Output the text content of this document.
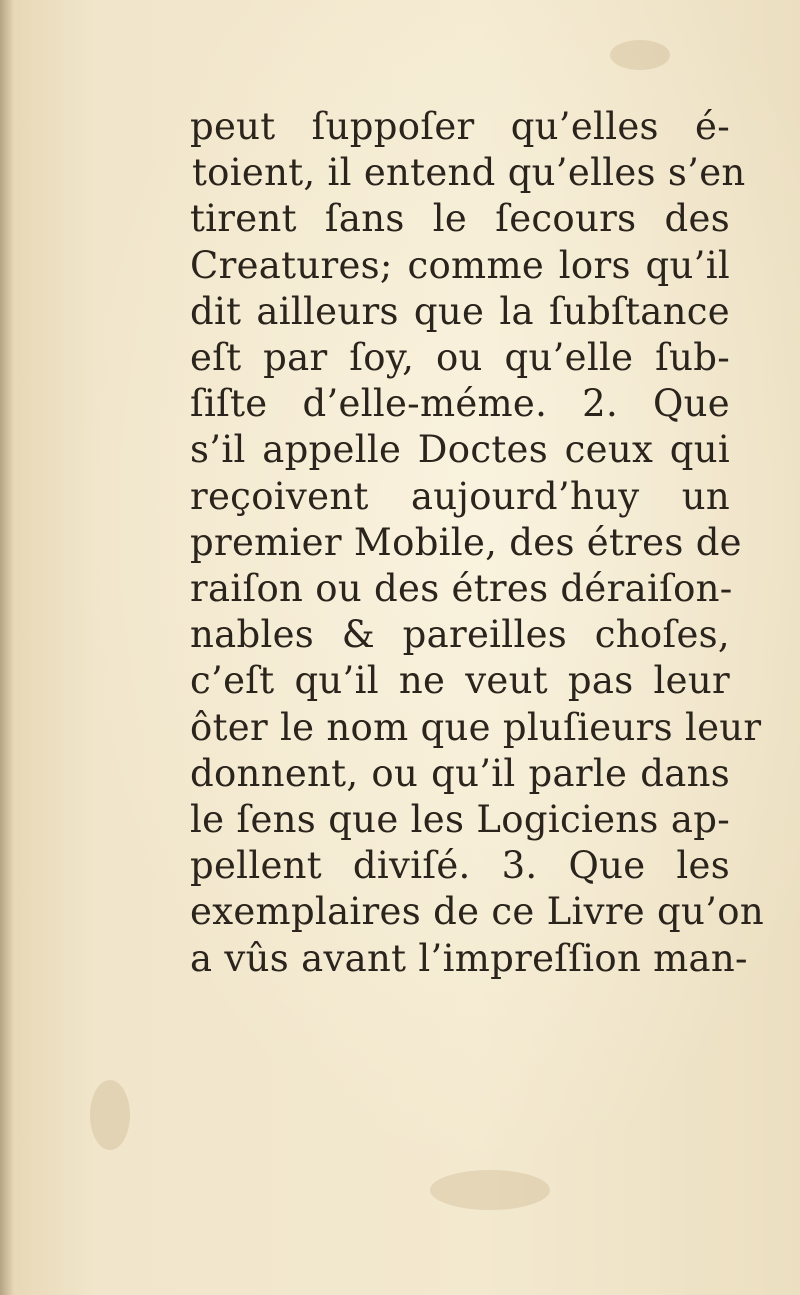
peut ſuppoſer qu’elles é-
toient, il entend qu’elles s’en
tirent ſans le ſecours des
Creatures; comme lors qu’il
dit ailleurs que la ſubſtance
eſt par ſoy, ou qu’elle ſub-
ſiſte d’elle-méme. 2. Que
s’il appelle Doctes ceux qui
reçoivent aujourd’huy un
premier Mobile, des étres de
raiſon ou des étres déraiſon-
nables & pareilles choſes,
c’eſt qu’il ne veut pas leur
ôter le nom que pluſieurs leur
donnent, ou qu’il parle dans
le ſens que les Logiciens ap-
pellent diviſé. 3. Que les
exemplaires de ce Livre qu’on
a vûs avant l’impreſſion man-
